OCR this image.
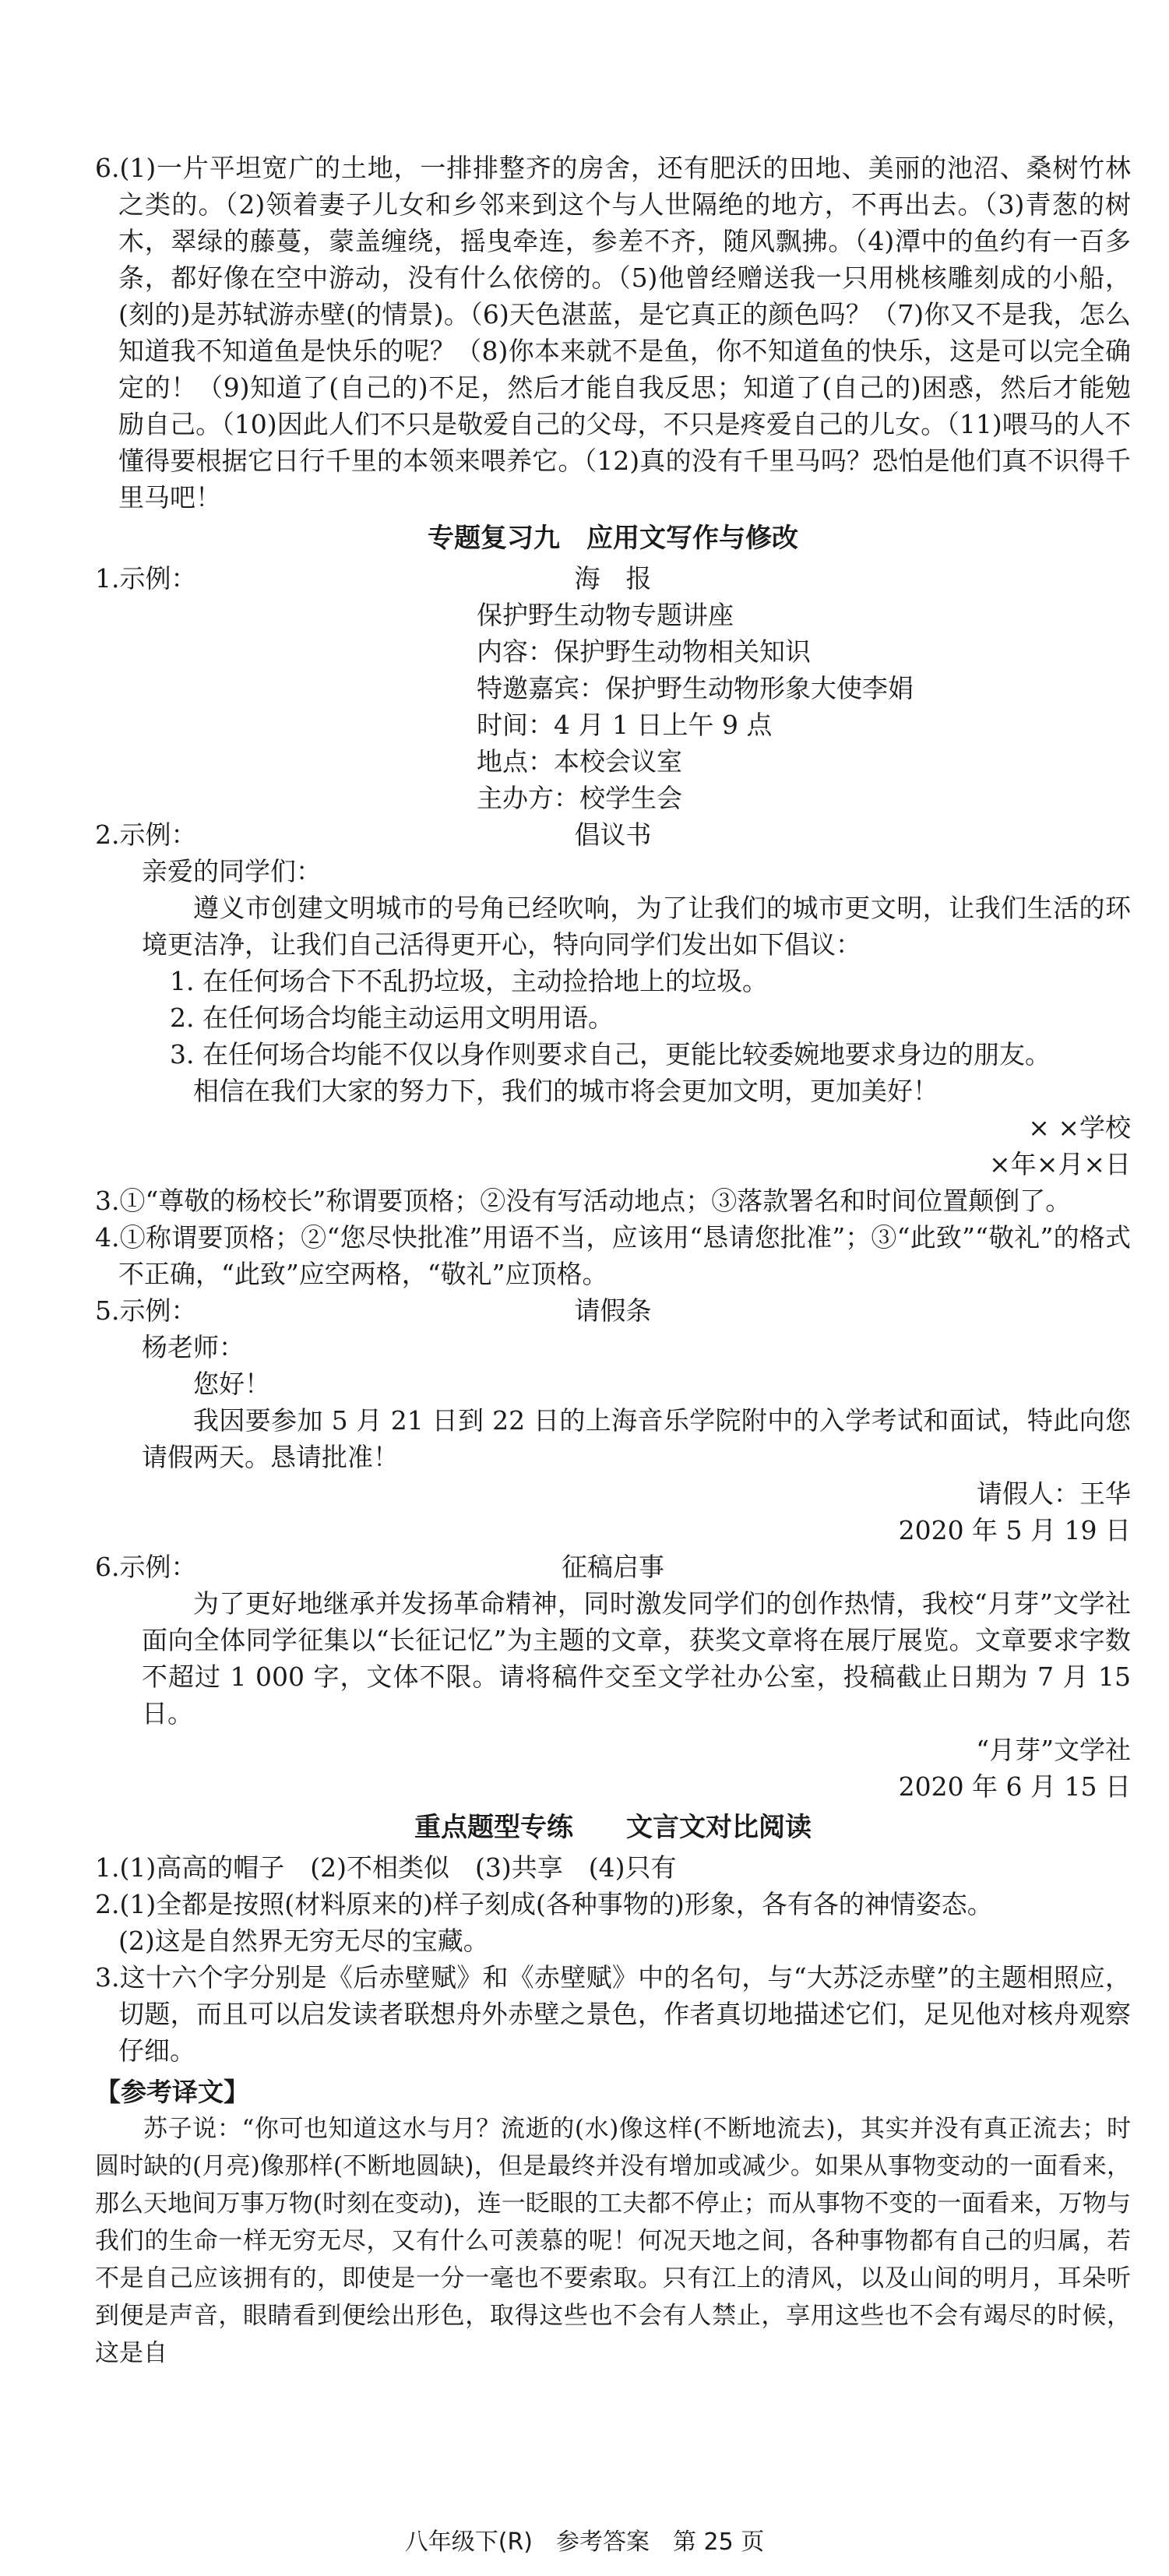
6.(1)一片平坦宽广的土地，一排排整齐的房舍，还有肥沃的田地、美丽的池沼、桑树竹林之类的。（2)领着妻子儿女和乡邻来到这个与人世隔绝的地方，不再出去。（3)青葱的树木，翠绿的藤蔓，蒙盖缠绕，摇曳牵连，参差不齐，随风飘拂。（4)潭中的鱼约有一百多条，都好像在空中游动，没有什么依傍的。（5)他曾经赠送我一只用桃核雕刻成的小船，(刻的)是苏轼游赤壁(的情景)。（6)天色湛蓝，是它真正的颜色吗？（7)你又不是我，怎么知道我不知道鱼是快乐的呢？（8)你本来就不是鱼，你不知道鱼的快乐，这是可以完全确定的！（9)知道了(自己的)不足，然后才能自我反思；知道了(自己的)困惑，然后才能勉励自己。（10)因此人们不只是敬爱自己的父母，不只是疼爱自己的儿女。（11)喂马的人不懂得要根据它日行千里的本领来喂养它。（12)真的没有千里马吗？恐怕是他们真不识得千里马吧！

专题复习九　应用文写作与修改
1.示例：	海　报
保护野生动物专题讲座
内容：保护野生动物相关知识
特邀嘉宾：保护野生动物形象大使李娟
时间：4 月 1 日上午 9 点
地点：本校会议室
主办方：校学生会
2.示例：	倡议书
亲爱的同学们：

遵义市创建文明城市的号角已经吹响，为了让我们的城市更文明，让我们生活的环境更洁净，让我们自己活得更开心，特向同学们发出如下倡议：

1. 在任何场合下不乱扔垃圾，主动捡拾地上的垃圾。
2. 在任何场合均能主动运用文明用语。
3. 在任何场合均能不仅以身作则要求自己，更能比较委婉地要求身边的朋友。
相信在我们大家的努力下，我们的城市将会更加文明，更加美好！
× ×学校
×年×月×日

3.①“尊敬的杨校长”称谓要顶格；②没有写活动地点；③落款署名和时间位置颠倒了。

4.①称谓要顶格；②“您尽快批准”用语不当，应该用“恳请您批准”；③“此致”“敬礼”的格式不正确，“此致”应空两格，“敬礼”应顶格。

5.示例：	请假条
杨老师：
您好！

我因要参加 5 月 21 日到 22 日的上海音乐学院附中的入学考试和面试，特此向您请假两天。恳请批准！

请假人：王华
2020 年 5 月 19 日
6.示例：	征稿启事

为了更好地继承并发扬革命精神，同时激发同学们的创作热情，我校“月芽”文学社面向全体同学征集以“长征记忆”为主题的文章，获奖文章将在展厅展览。文章要求字数不超过 1 000 字，文体不限。请将稿件交至文学社办公室，投稿截止日期为 7 月 15 日。

“月芽”文学社
2020 年 6 月 15 日
重点题型专练　　文言文对比阅读

1.(1)高高的帽子　(2)不相类似　(3)共享　(4)只有

2.(1)全都是按照(材料原来的)样子刻成(各种事物的)形象，各有各的神情姿态。

(2)这是自然界无穷无尽的宝藏。

3.这十六个字分别是《后赤壁赋》和《赤壁赋》中的名句，与“大苏泛赤壁”的主题相照应，切题，而且可以启发读者联想舟外赤壁之景色，作者真切地描述它们，足见他对核舟观察仔细。

【参考译文】

苏子说：“你可也知道这水与月？流逝的(水)像这样(不断地流去)，其实并没有真正流去；时圆时缺的(月亮)像那样(不断地圆缺)，但是最终并没有增加或减少。如果从事物变动的一面看来，那么天地间万事万物(时刻在变动)，连一眨眼的工夫都不停止；而从事物不变的一面看来，万物与我们的生命一样无穷无尽，又有什么可羡慕的呢！何况天地之间，各种事物都有自己的归属，若不是自己应该拥有的，即使是一分一毫也不要索取。只有江上的清风，以及山间的明月，耳朵听到便是声音，眼睛看到便绘出形色，取得这些也不会有人禁止，享用这些也不会有竭尽的时候，这是自

八年级下(R)　参考答案　第 25 页
